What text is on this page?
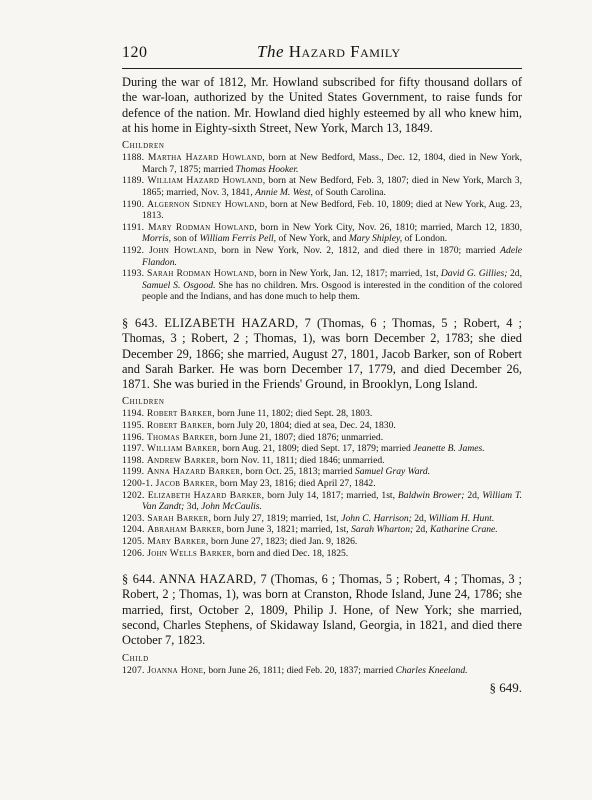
120	The Hazard Family

During the war of 1812, Mr. Howland subscribed for fifty thousand dollars of the war-loan, authorized by the United States Government, to raise funds for defence of the nation. Mr. Howland died highly esteemed by all who knew him, at his home in Eighty-sixth Street, New York, March 13, 1849.

Children
1188. Martha Hazard Howland, born at New Bedford, Mass., Dec. 12, 1804, died in New York, March 7, 1875; married Thomas Hooker.
1189. William Hazard Howland, born at New Bedford, Feb. 3, 1807; died in New York, March 3, 1865; married, Nov. 3, 1841, Annie M. West, of South Carolina.
1190. Algernon Sidney Howland, born at New Bedford, Feb. 10, 1809; died at New York, Aug. 23, 1813.
1191. Mary Rodman Howland, born in New York City, Nov. 26, 1810; married, March 12, 1830, Morris, son of William Ferris Pell, of New York, and Mary Shipley, of London.
1192. John Howland, born in New York, Nov. 2, 1812, and died there in 1870; married Adele Flandon.
1193. Sarah Rodman Howland, born in New York, Jan. 12, 1817; married, 1st, David G. Gillies; 2d, Samuel S. Osgood. She has no children. Mrs. Osgood is interested in the condition of the colored people and the Indians, and has done much to help them.

§ 643. ELIZABETH HAZARD, 7 (Thomas, 6 ; Thomas, 5 ; Robert, 4 ; Thomas, 3 ; Robert, 2 ; Thomas, 1), was born December 2, 1783; she died December 29, 1866; she married, August 27, 1801, Jacob Barker, son of Robert and Sarah Barker. He was born December 17, 1779, and died December 26, 1871. She was buried in the Friends' Ground, in Brooklyn, Long Island.

Children
1194. Robert Barker, born June 11, 1802; died Sept. 28, 1803.
1195. Robert Barker, born July 20, 1804; died at sea, Dec. 24, 1830.
1196. Thomas Barker, born June 21, 1807; died 1876; unmarried.
1197. William Barker, born Aug. 21, 1809; died Sept. 17, 1879; married Jeanette B. James.
1198. Andrew Barker, born Nov. 11, 1811; died 1846; unmarried.
1199. Anna Hazard Barker, born Oct. 25, 1813; married Samuel Gray Ward.
1200-1. Jacob Barker, born May 23, 1816; died April 27, 1842.
1202. Elizabeth Hazard Barker, born July 14, 1817; married, 1st, Baldwin Brower; 2d, William T. Van Zandt; 3d, John McCaulis.
1203. Sarah Barker, born July 27, 1819; married, 1st, John C. Harrison; 2d, William H. Hunt.
1204. Abraham Barker, born June 3, 1821; married, 1st, Sarah Wharton; 2d, Katharine Crane.
1205. Mary Barker, born June 27, 1823; died Jan. 9, 1826.
1206. John Wells Barker, born and died Dec. 18, 1825.

§ 644. ANNA HAZARD, 7 (Thomas, 6 ; Thomas, 5 ; Robert, 4 ; Thomas, 3 ; Robert, 2 ; Thomas, 1), was born at Cranston, Rhode Island, June 24, 1786; she married, first, October 2, 1809, Philip J. Hone, of New York; she married, second, Charles Stephens, of Skidaway Island, Georgia, in 1821, and died there October 7, 1823.

Child
1207. Joanna Hone, born June 26, 1811; died Feb. 20, 1837; married Charles Kneeland.
§ 649.
